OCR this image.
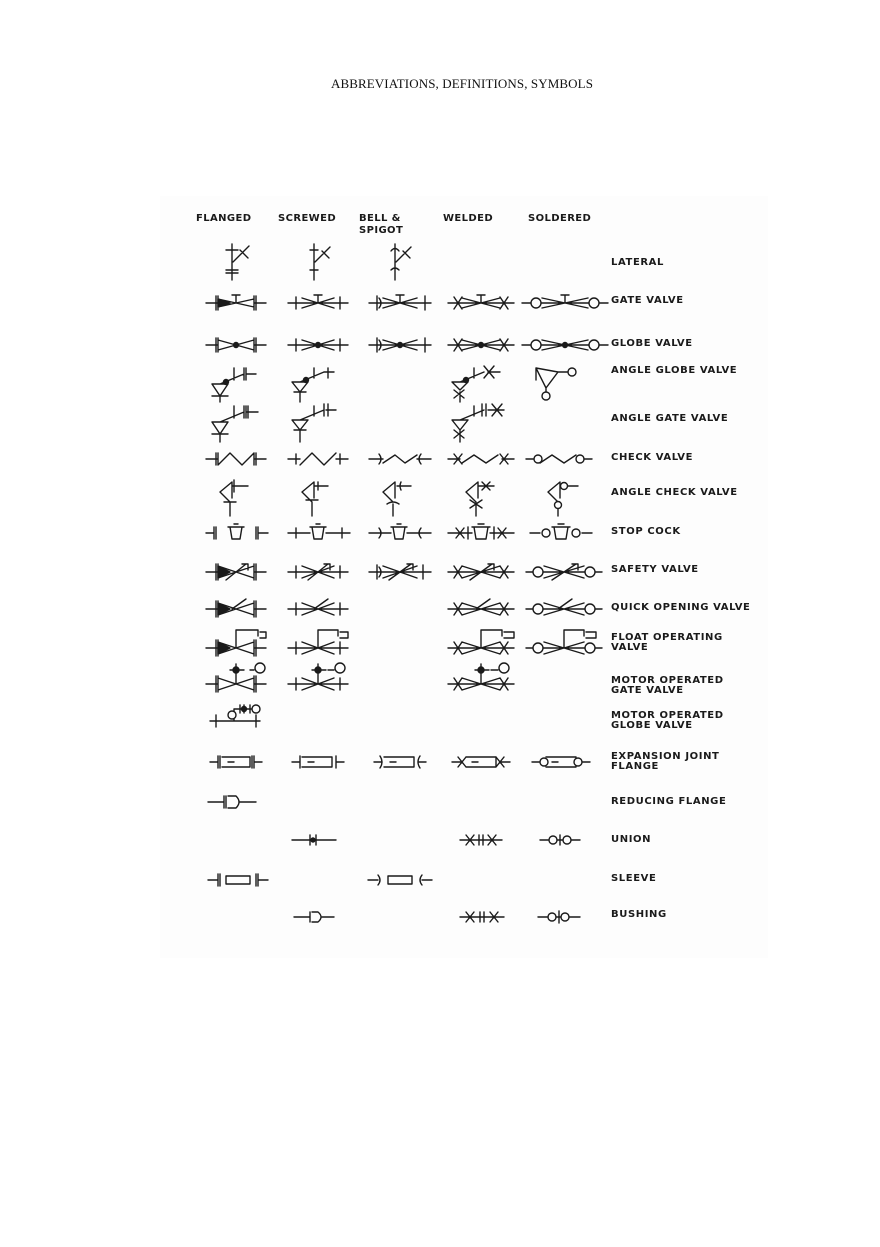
ABBREVIATIONS, DEFINITIONS, SYMBOLS
FLANGED	SCREWED BELL &
SPIGOT
WELDED	SOLDERED
LATERAL
GATE VALVE
GLOBE VALVE
ANGLE GLOBE VALVE
ANGLE GATE VALVE
CHECK VALVE
ANGLE CHECK VALVE
STOP COCK
SAFETY VALVE
QUICK OPENING VALVE
FLOAT OPERATING
VALVE
MOTOR OPERATED
GATE VALVE
MOTOR OPERATED
GLOBE VALVE
EXPANSION JOINT
FLANGE
REDUCING FLANGE
UNION
SLEEVE
BUSHING
